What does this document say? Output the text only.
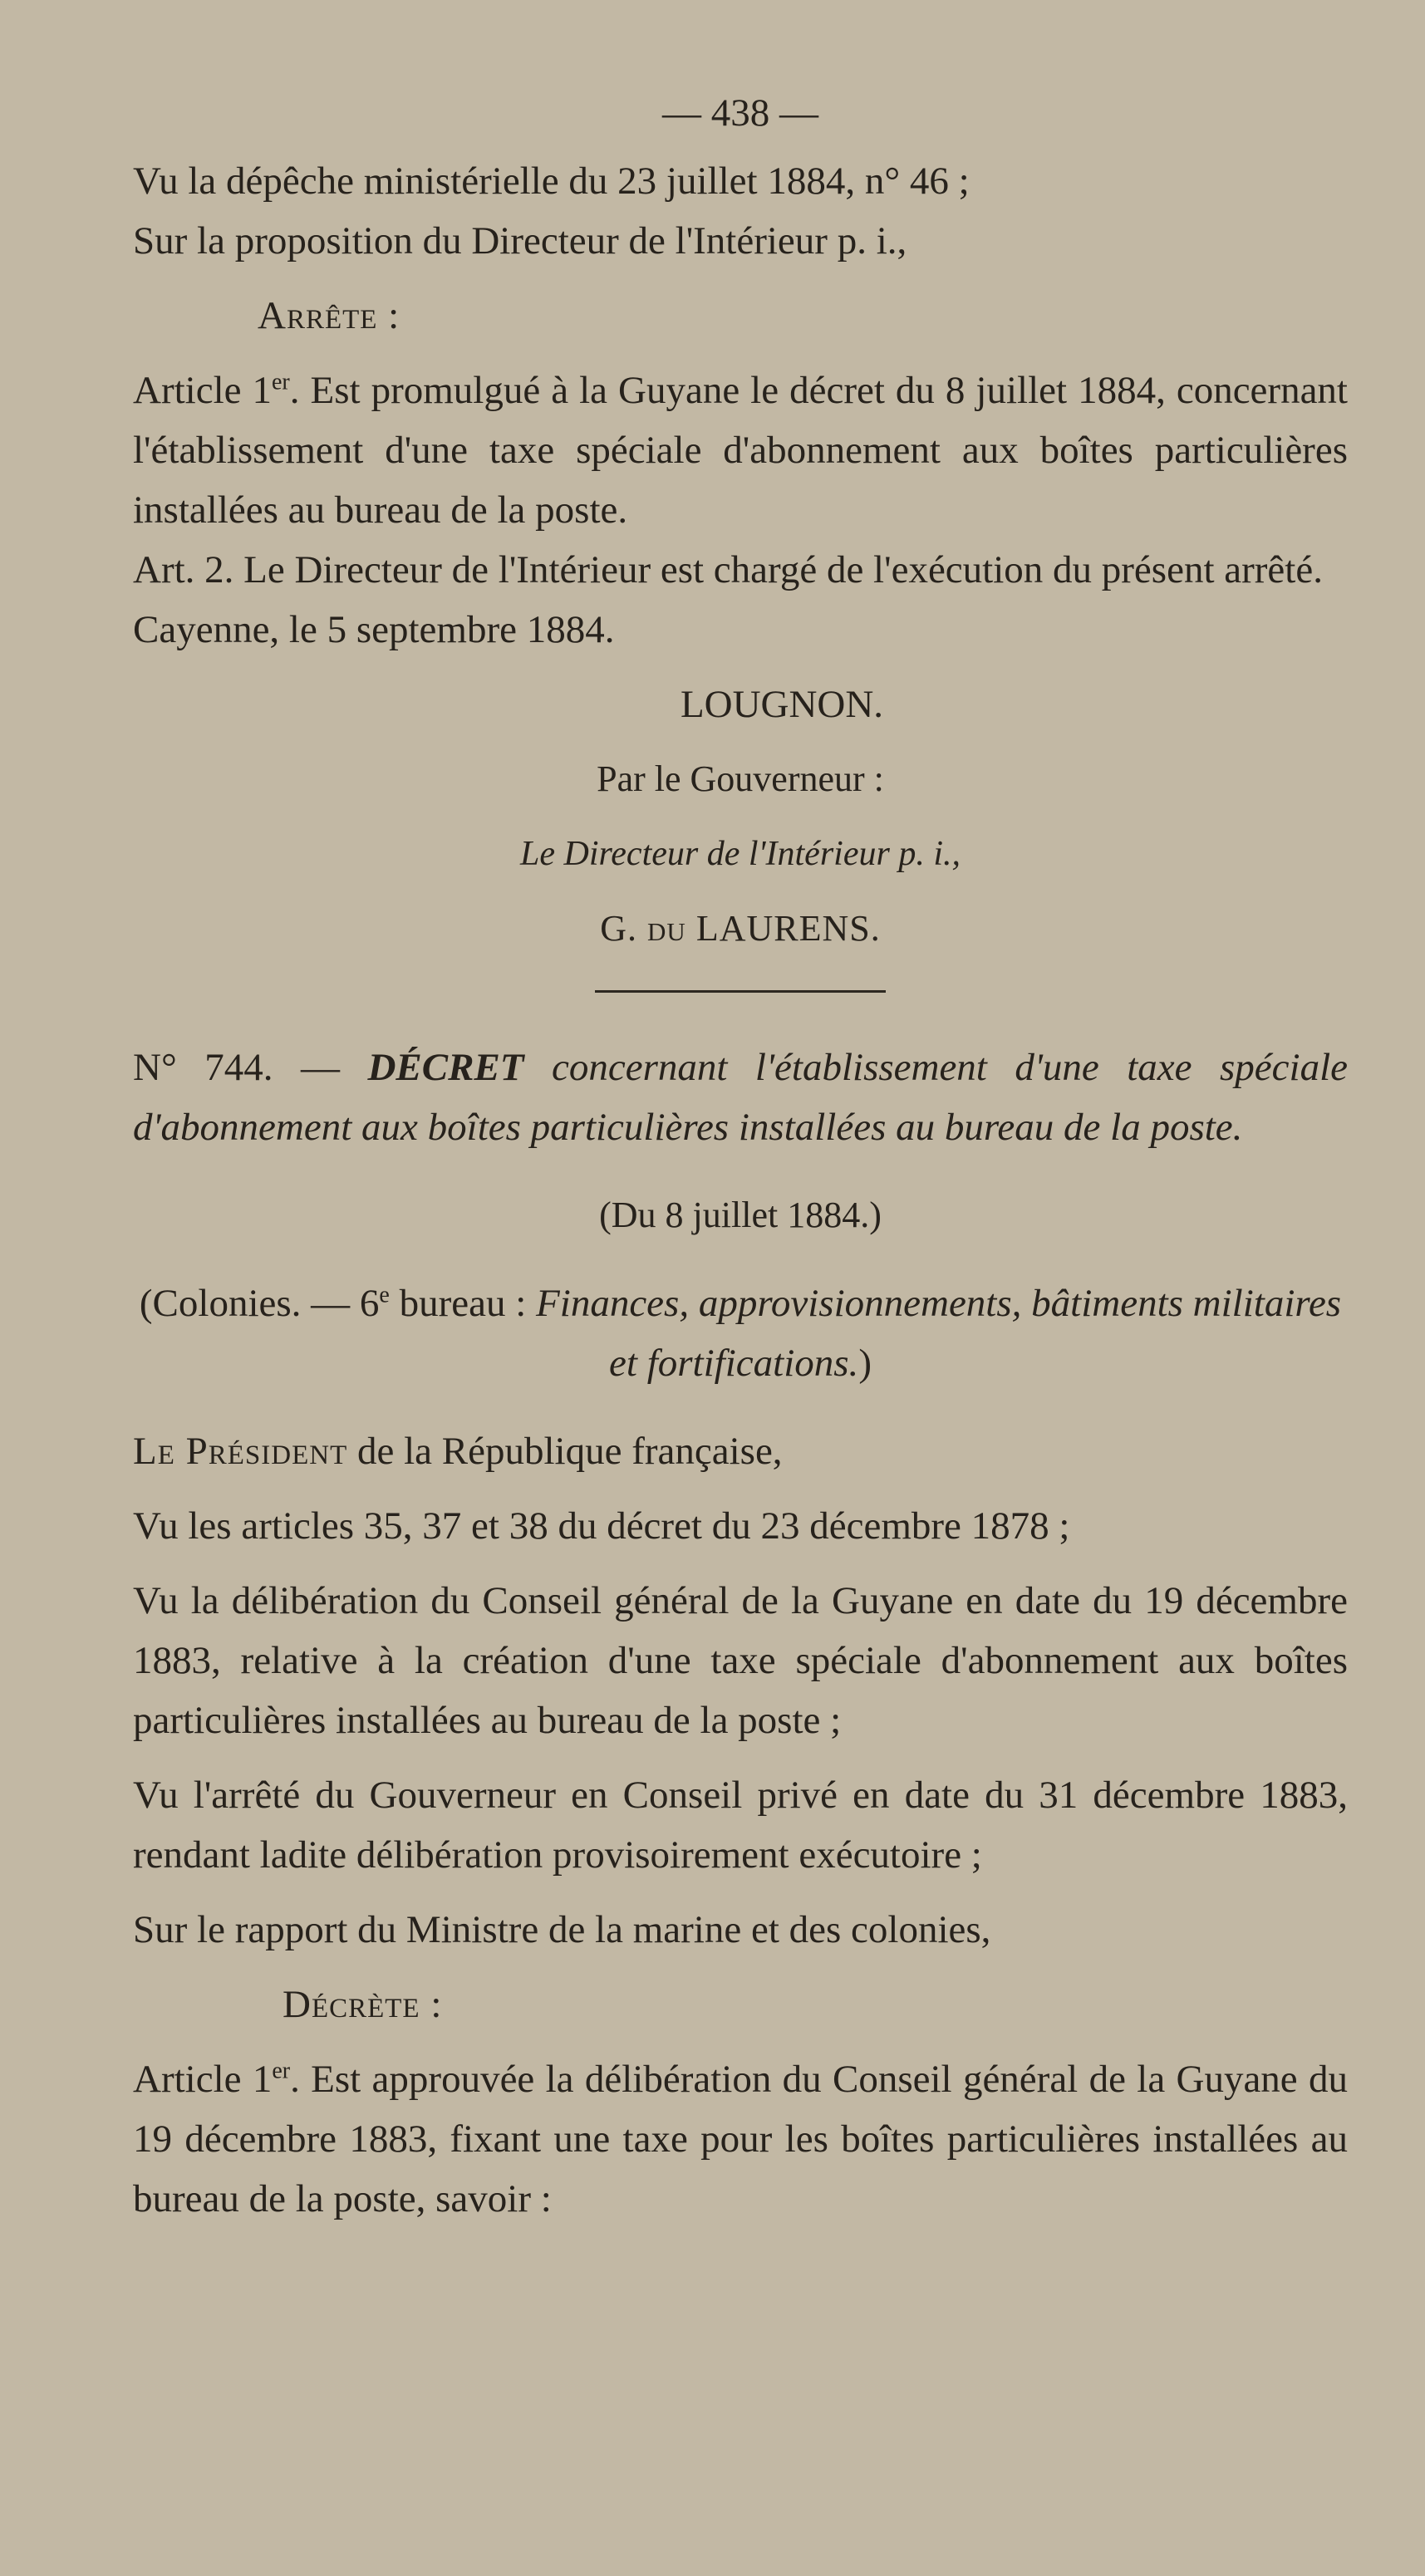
— 438 —

Vu la dépêche ministérielle du 23 juillet 1884, n° 46 ;

Sur la proposition du Directeur de l'Intérieur p. i.,

Arrête :

Article 1er. Est promulgué à la Guyane le décret du 8 juillet 1884, concernant l'établissement d'une taxe spéciale d'abonnement aux boîtes particulières installées au bureau de la poste.

Art. 2. Le Directeur de l'Intérieur est chargé de l'exécution du présent arrêté.

Cayenne, le 5 septembre 1884.

LOUGNON.

Par le Gouverneur :

Le Directeur de l'Intérieur p. i.,

G. du LAURENS.

N° 744. — DÉCRET concernant l'établissement d'une taxe spéciale d'abonnement aux boîtes particulières installées au bureau de la poste.

(Du 8 juillet 1884.)

(Colonies. — 6e bureau : Finances, approvisionnements, bâtiments militaires et fortifications.)

Le Président de la République française,

Vu les articles 35, 37 et 38 du décret du 23 décembre 1878 ;

Vu la délibération du Conseil général de la Guyane en date du 19 décembre 1883, relative à la création d'une taxe spéciale d'abonnement aux boîtes particulières installées au bureau de la poste ;

Vu l'arrêté du Gouverneur en Conseil privé en date du 31 décembre 1883, rendant ladite délibération provisoirement exécutoire ;

Sur le rapport du Ministre de la marine et des colonies,

Décrète :

Article 1er. Est approuvée la délibération du Conseil général de la Guyane du 19 décembre 1883, fixant une taxe pour les boîtes particulières installées au bureau de la poste, savoir :
